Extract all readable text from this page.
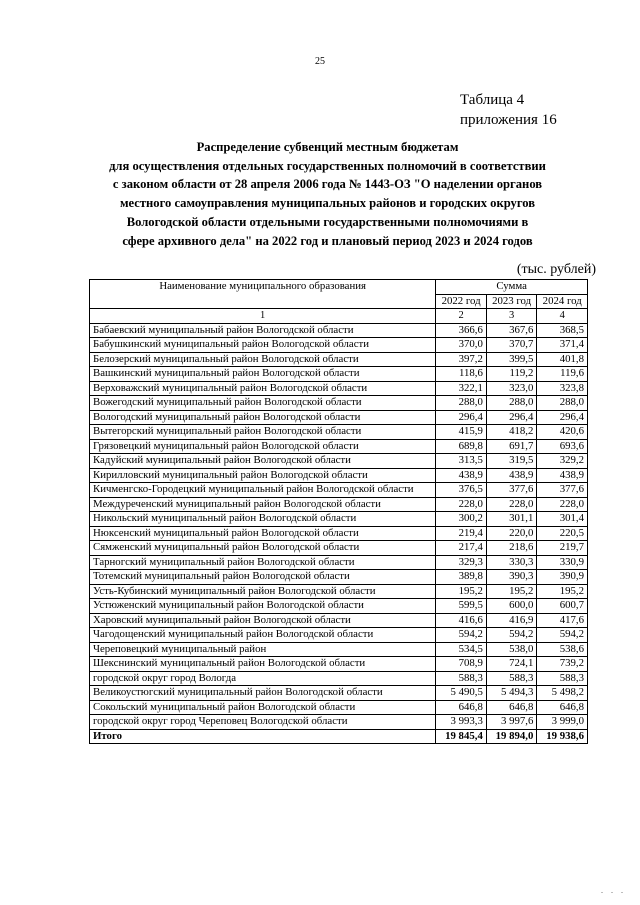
25
Таблица 4
приложения 16
Распределение субвенций местным бюджетам
для осуществления отдельных государственных полномочий в соответствии
с законом области от 28 апреля 2006 года № 1443-ОЗ "О наделении органов
местного самоуправления муниципальных районов и городских округов
Вологодской области отдельными государственными полномочиями в
сфере архивного дела" на 2022 год и плановый период 2023 и 2024 годов
(тыс. рублей)
Наименование муниципального образования	Сумма		
	2022 год	2023 год	2024 год
1	2	3	4
Бабаевский муниципальный район Вологодской области	366,6	367,6	368,5
Бабушкинский муниципальный район Вологодской области	370,0	370,7	371,4
Белозерский муниципальный район Вологодской области	397,2	399,5	401,8
Вашкинский муниципальный район Вологодской области	118,6	119,2	119,6
Верховажский муниципальный район Вологодской области	322,1	323,0	323,8
Вожегодский муниципальный район Вологодской области	288,0	288,0	288,0
Вологодский муниципальный район Вологодской области	296,4	296,4	296,4
Вытегорский муниципальный район Вологодской области	415,9	418,2	420,6
Грязовецкий муниципальный район Вологодской области	689,8	691,7	693,6
Кадуйский муниципальный район Вологодской области	313,5	319,5	329,2
Кирилловский муниципальный район Вологодской области	438,9	438,9	438,9
Кичменгско-Городецкий муниципальный район Вологодской области	376,5	377,6	377,6
Междуреченский муниципальный район Вологодской области	228,0	228,0	228,0
Никольский муниципальный район Вологодской области	300,2	301,1	301,4
Нюксенский муниципальный район Вологодской области	219,4	220,0	220,5
Сямженский муниципальный район Вологодской области	217,4	218,6	219,7
Тарногский муниципальный район Вологодской области	329,3	330,3	330,9
Тотемский муниципальный район Вологодской области	389,8	390,3	390,9
Усть-Кубинский муниципальный район Вологодской области	195,2	195,2	195,2
Устюженский муниципальный район Вологодской области	599,5	600,0	600,7
Харовский муниципальный район Вологодской области	416,6	416,9	417,6
Чагодощенский муниципальный район Вологодской области	594,2	594,2	594,2
Череповецкий муниципальный район	534,5	538,0	538,6
Шекснинский муниципальный район Вологодской области	708,9	724,1	739,2
городской округ город Вологда	588,3	588,3	588,3
Великоустюгский муниципальный район Вологодской области	5 490,5	5 494,3	5 498,2
Сокольский муниципальный район Вологодской области	646,8	646,8	646,8
городской округ город Череповец Вологодской области	3 993,3	3 997,6	3 999,0
Итого	19 845,4	19 894,0	19 938,6
. . .
